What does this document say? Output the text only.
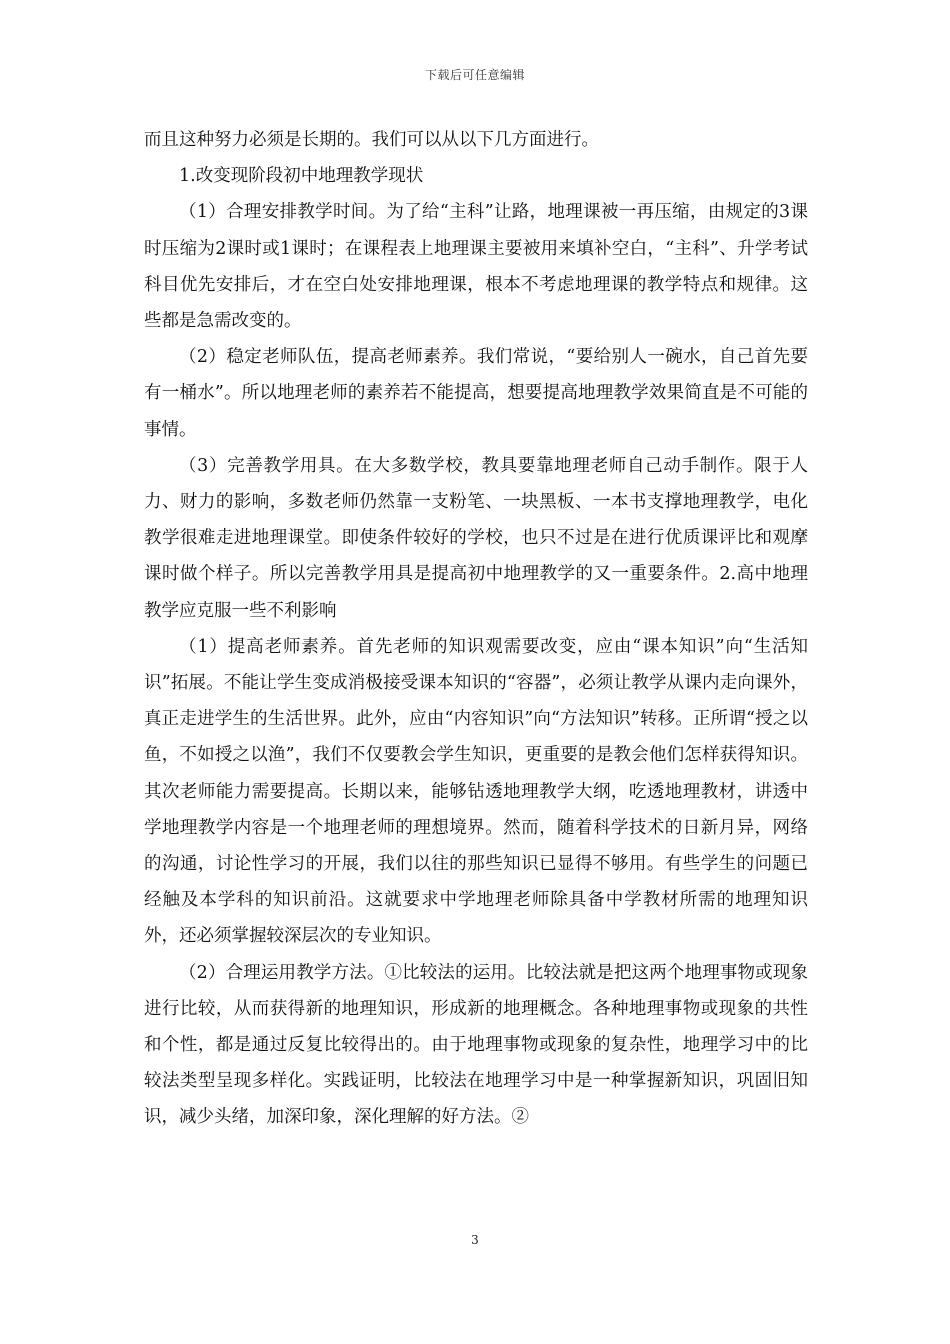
下载后可任意编辑

而且这种努力必须是长期的。我们可以从以下几方面进行。

1.改变现阶段初中地理教学现状

（1）合理安排教学时间。为了给“主科”让路，地理课被一再压缩，由规定的3课时压缩为2课时或1课时；在课程表上地理课主要被用来填补空白，“主科”、升学考试科目优先安排后，才在空白处安排地理课，根本不考虑地理课的教学特点和规律。这些都是急需改变的。

（2）稳定老师队伍，提高老师素养。我们常说，“要给别人一碗水，自己首先要有一桶水”。所以地理老师的素养若不能提高，想要提高地理教学效果简直是不可能的事情。

（3）完善教学用具。在大多数学校，教具要靠地理老师自己动手制作。限于人力、财力的影响，多数老师仍然靠一支粉笔、一块黑板、一本书支撑地理教学，电化教学很难走进地理课堂。即使条件较好的学校，也只不过是在进行优质课评比和观摩课时做个样子。所以完善教学用具是提高初中地理教学的又一重要条件。2.高中地理教学应克服一些不利影响

（1）提高老师素养。首先老师的知识观需要改变，应由“课本知识”向“生活知识”拓展。不能让学生变成消极接受课本知识的“容器”，必须让教学从课内走向课外，真正走进学生的生活世界。此外，应由“内容知识”向“方法知识”转移。正所谓“授之以鱼，不如授之以渔”，我们不仅要教会学生知识，更重要的是教会他们怎样获得知识。其次老师能力需要提高。长期以来，能够钻透地理教学大纲，吃透地理教材，讲透中学地理教学内容是一个地理老师的理想境界。然而，随着科学技术的日新月异，网络的沟通，讨论性学习的开展，我们以往的那些知识已显得不够用。有些学生的问题已经触及本学科的知识前沿。这就要求中学地理老师除具备中学教材所需的地理知识外，还必须掌握较深层次的专业知识。

（2）合理运用教学方法。①比较法的运用。比较法就是把这两个地理事物或现象进行比较，从而获得新的地理知识，形成新的地理概念。各种地理事物或现象的共性和个性，都是通过反复比较得出的。由于地理事物或现象的复杂性，地理学习中的比较法类型呈现多样化。实践证明，比较法在地理学习中是一种掌握新知识，巩固旧知识，减少头绪，加深印象，深化理解的好方法。②

3
